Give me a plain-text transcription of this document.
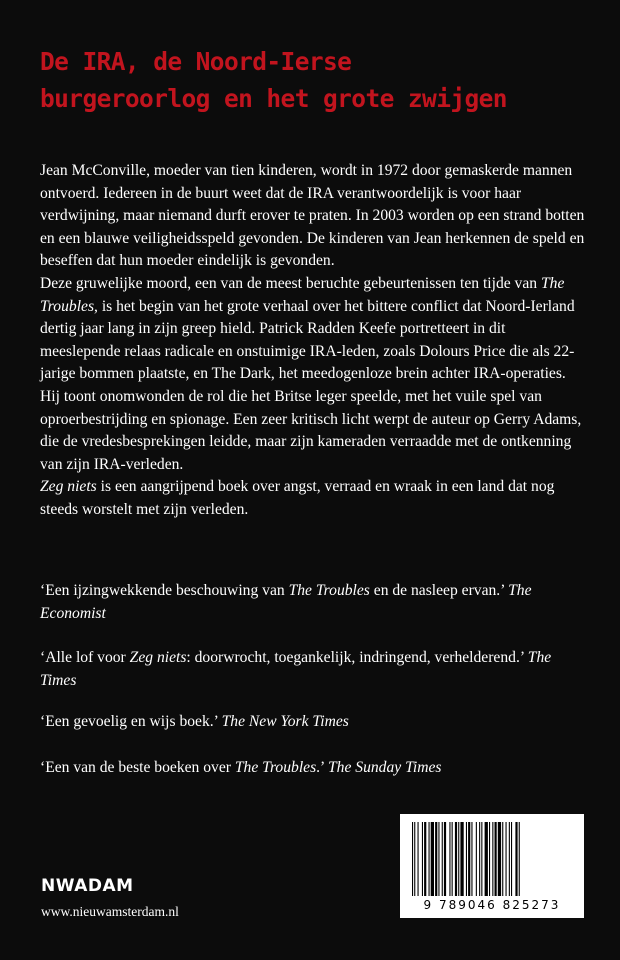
De IRA, de Noord-Ierse
burgeroorlog en het grote zwijgen

Jean McConville, moeder van tien kinderen, wordt in 1972 door gemaskerde mannen ontvoerd. Iedereen in de buurt weet dat de IRA verantwoordelijk is voor haar verdwijning, maar niemand durft erover te praten. In 2003 worden op een strand botten en een blauwe veiligheidsspeld gevonden. De kinderen van Jean herkennen de speld en beseffen dat hun moeder eindelijk is gevonden.

Deze gruwelijke moord, een van de meest beruchte gebeurtenissen ten tijde van The Troubles, is het begin van het grote verhaal over het bittere conflict dat Noord-Ierland dertig jaar lang in zijn greep hield. Patrick Radden Keefe portretteert in dit meeslepende relaas radicale en onstuimige IRA-leden, zoals Dolours Price die als 22-jarige bommen plaatste, en The Dark, het meedogenloze brein achter IRA-operaties. Hij toont onomwonden de rol die het Britse leger speelde, met het vuile spel van oproerbestrijding en spionage. Een zeer kritisch licht werpt de auteur op Gerry Adams, die de vredesbesprekingen leidde, maar zijn kameraden verraadde met de ontkenning van zijn IRA-verleden.

Zeg niets is een aangrijpend boek over angst, verraad en wraak in een land dat nog steeds worstelt met zijn verleden.

‘Een ijzingwekkende beschouwing van The Troubles en de nasleep ervan.’ The Economist

‘Alle lof voor Zeg niets: doorwrocht, toegankelijk, indringend, verhelderend.’ The Times

‘Een gevoelig en wijs boek.’ The New York Times

‘Een van de beste boeken over The Troubles.’ The Sunday Times

NWADAM
www.nieuwamsterdam.nl	9 789046 825273
